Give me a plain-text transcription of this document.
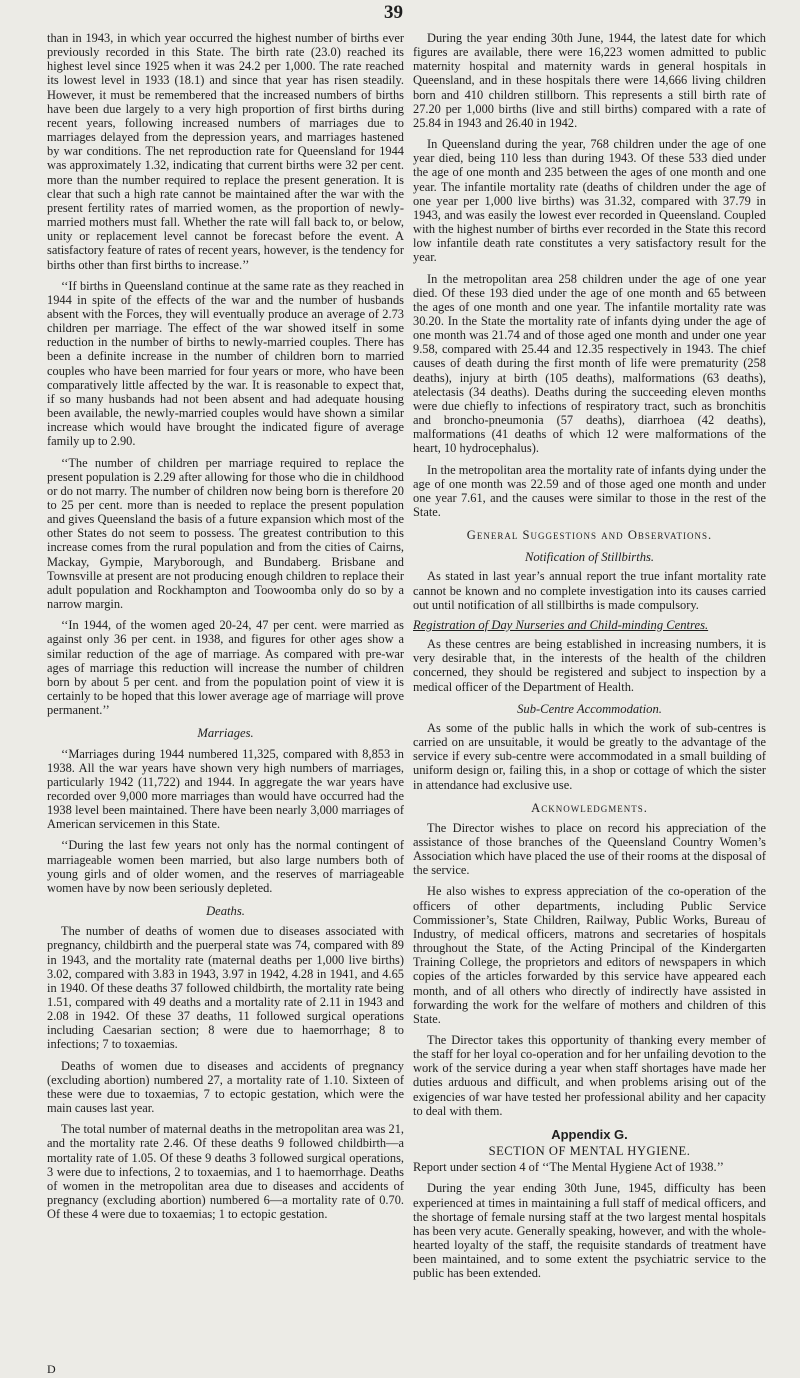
39

than in 1943, in which year occurred the highest number of births ever previously recorded in this State. The birth rate (23.0) reached its highest level since 1925 when it was 24.2 per 1,000. The rate reached its lowest level in 1933 (18.1) and since that year has risen steadily. However, it must be remembered that the increased numbers of births have been due largely to a very high proportion of first births during recent years, following increased numbers of marriages due to marriages delayed from the depression years, and marriages hastened by war conditions. The net reproduction rate for Queensland for 1944 was approximately 1.32, indicating that current births were 32 per cent. more than the number required to replace the present generation. It is clear that such a high rate cannot be maintained after the war with the present fertility rates of married women, as the proportion of newly-married mothers must fall. Whether the rate will fall back to, or below, unity or replacement level cannot be forecast before the event. A satisfactory feature of rates of recent years, however, is the tendency for births other than first births to increase.’’

‘‘If births in Queensland continue at the same rate as they reached in 1944 in spite of the effects of the war and the number of husbands absent with the Forces, they will eventually produce an average of 2.73 children per marriage. The effect of the war showed itself in some reduction in the number of births to newly-married couples. There has been a definite increase in the number of children born to married couples who have been married for four years or more, who have been comparatively little affected by the war. It is reasonable to expect that, if so many husbands had not been absent and had adequate housing been available, the newly-married couples would have shown a similar increase which would have brought the indicated figure of average family up to 2.90.

‘‘The number of children per marriage required to replace the present population is 2.29 after allowing for those who die in childhood or do not marry. The number of children now being born is therefore 20 to 25 per cent. more than is needed to replace the present population and gives Queensland the basis of a future expansion which most of the other States do not seem to possess. The greatest contribution to this increase comes from the rural population and from the cities of Cairns, Mackay, Gympie, Maryborough, and Bundaberg. Brisbane and Townsville at present are not producing enough children to replace their adult population and Rockhampton and Toowoomba only do so by a narrow margin.

‘‘In 1944, of the women aged 20-24, 47 per cent. were married as against only 36 per cent. in 1938, and figures for other ages show a similar reduction of the age of marriage. As compared with pre-war ages of marriage this reduction will increase the number of children born by about 5 per cent. and from the population point of view it is certainly to be hoped that this lower average age of marriage will prove permanent.’’

Marriages.

‘‘Marriages during 1944 numbered 11,325, compared with 8,853 in 1938. All the war years have shown very high numbers of marriages, particularly 1942 (11,722) and 1944. In aggregate the war years have recorded over 9,000 more marriages than would have occurred had the 1938 level been maintained. There have been nearly 3,000 marriages of American servicemen in this State.

‘‘During the last few years not only has the normal contingent of marriageable women been married, but also large numbers both of young girls and of older women, and the reserves of marriageable women have by now been seriously depleted.

Deaths.

The number of deaths of women due to diseases associated with pregnancy, childbirth and the puerperal state was 74, compared with 89 in 1943, and the mortality rate (maternal deaths per 1,000 live births) 3.02, compared with 3.83 in 1943, 3.97 in 1942, 4.28 in 1941, and 4.65 in 1940. Of these deaths 37 followed childbirth, the mortality rate being 1.51, compared with 49 deaths and a mortality rate of 2.11 in 1943 and 2.08 in 1942. Of these 37 deaths, 11 followed surgical operations including Caesarian section; 8 were due to haemorrhage; 8 to infections; 7 to toxaemias.

Deaths of women due to diseases and accidents of pregnancy (excluding abortion) numbered 27, a mortality rate of 1.10. Sixteen of these were due to toxaemias, 7 to ectopic gestation, which were the main causes last year.

The total number of maternal deaths in the metropolitan area was 21, and the mortality rate 2.46. Of these deaths 9 followed childbirth—a mortality rate of 1.05. Of these 9 deaths 3 followed surgical operations, 3 were due to infections, 2 to toxaemias, and 1 to haemorrhage. Deaths of women in the metropolitan area due to diseases and accidents of pregnancy (excluding abortion) numbered 6—a mortality rate of 0.70. Of these 4 were due to toxaemias; 1 to ectopic gestation.

During the year ending 30th June, 1944, the latest date for which figures are available, there were 16,223 women admitted to public maternity hospital and maternity wards in general hospitals in Queensland, and in these hospitals there were 14,666 living children born and 410 children stillborn. This represents a still birth rate of 27.20 per 1,000 births (live and still births) compared with a rate of 25.84 in 1943 and 26.40 in 1942.

In Queensland during the year, 768 children under the age of one year died, being 110 less than during 1943. Of these 533 died under the age of one month and 235 between the ages of one month and one year. The infantile mortality rate (deaths of children under the age of one year per 1,000 live births) was 31.32, compared with 37.79 in 1943, and was easily the lowest ever recorded in Queensland. Coupled with the highest number of births ever recorded in the State this record low infantile death rate constitutes a very satisfactory result for the year.

In the metropolitan area 258 children under the age of one year died. Of these 193 died under the age of one month and 65 between the ages of one month and one year. The infantile mortality rate was 30.20. In the State the mortality rate of infants dying under the age of one month was 21.74 and of those aged one month and under one year 9.58, compared with 25.44 and 12.35 respectively in 1943. The chief causes of death during the first month of life were prematurity (258 deaths), injury at birth (105 deaths), malformations (63 deaths), atelectasis (34 deaths). Deaths during the succeeding eleven months were due chiefly to infections of respiratory tract, such as bronchitis and broncho-pneumonia (57 deaths), diarrhoea (42 deaths), malformations (41 deaths of which 12 were malformations of the heart, 10 hydrocephalus).

In the metropolitan area the mortality rate of infants dying under the age of one month was 22.59 and of those aged one month and under one year 7.61, and the causes were similar to those in the rest of the State.

General Suggestions and Observations.
Notification of Stillbirths.

As stated in last year’s annual report the true infant mortality rate cannot be known and no complete investigation into its causes carried out until notification of all stillbirths is made compulsory.

Registration of Day Nurseries and Child-minding Centres.

As these centres are being established in increasing numbers, it is very desirable that, in the interests of the health of the children concerned, they should be registered and subject to inspection by a medical officer of the Department of Health.

Sub-Centre Accommodation.

As some of the public halls in which the work of sub-centres is carried on are unsuitable, it would be greatly to the advantage of the service if every sub-centre were accommodated in a small building of uniform design or, failing this, in a shop or cottage of which the sister in attendance had exclusive use.

Acknowledgments.

The Director wishes to place on record his appreciation of the assistance of those branches of the Queensland Country Women’s Association which have placed the use of their rooms at the disposal of the service.

He also wishes to express appreciation of the co-operation of the officers of other departments, including Public Service Commissioner’s, State Children, Railway, Public Works, Bureau of Industry, of medical officers, matrons and secretaries of hospitals throughout the State, of the Acting Principal of the Kindergarten Training College, the proprietors and editors of newspapers in which copies of the articles forwarded by this service have appeared each month, and of all others who directly of indirectly have assisted in forwarding the work for the welfare of mothers and children of this State.

The Director takes this opportunity of thanking every member of the staff for her loyal co-operation and for her unfailing devotion to the work of the service during a year when staff shortages have made her duties arduous and difficult, and when problems arising out of the exigencies of war have tested her professional ability and her capacity to deal with them.

Appendix G.
SECTION OF MENTAL HYGIENE.

Report under section 4 of ‘‘The Mental Hygiene Act of 1938.’’

During the year ending 30th June, 1945, difficulty has been experienced at times in maintaining a full staff of medical officers, and the shortage of female nursing staff at the two largest mental hospitals has been very acute. Generally speaking, however, and with the whole-hearted loyalty of the staff, the requisite standards of treatment have been maintained, and to some extent the psychiatric service to the public has been extended.

D
